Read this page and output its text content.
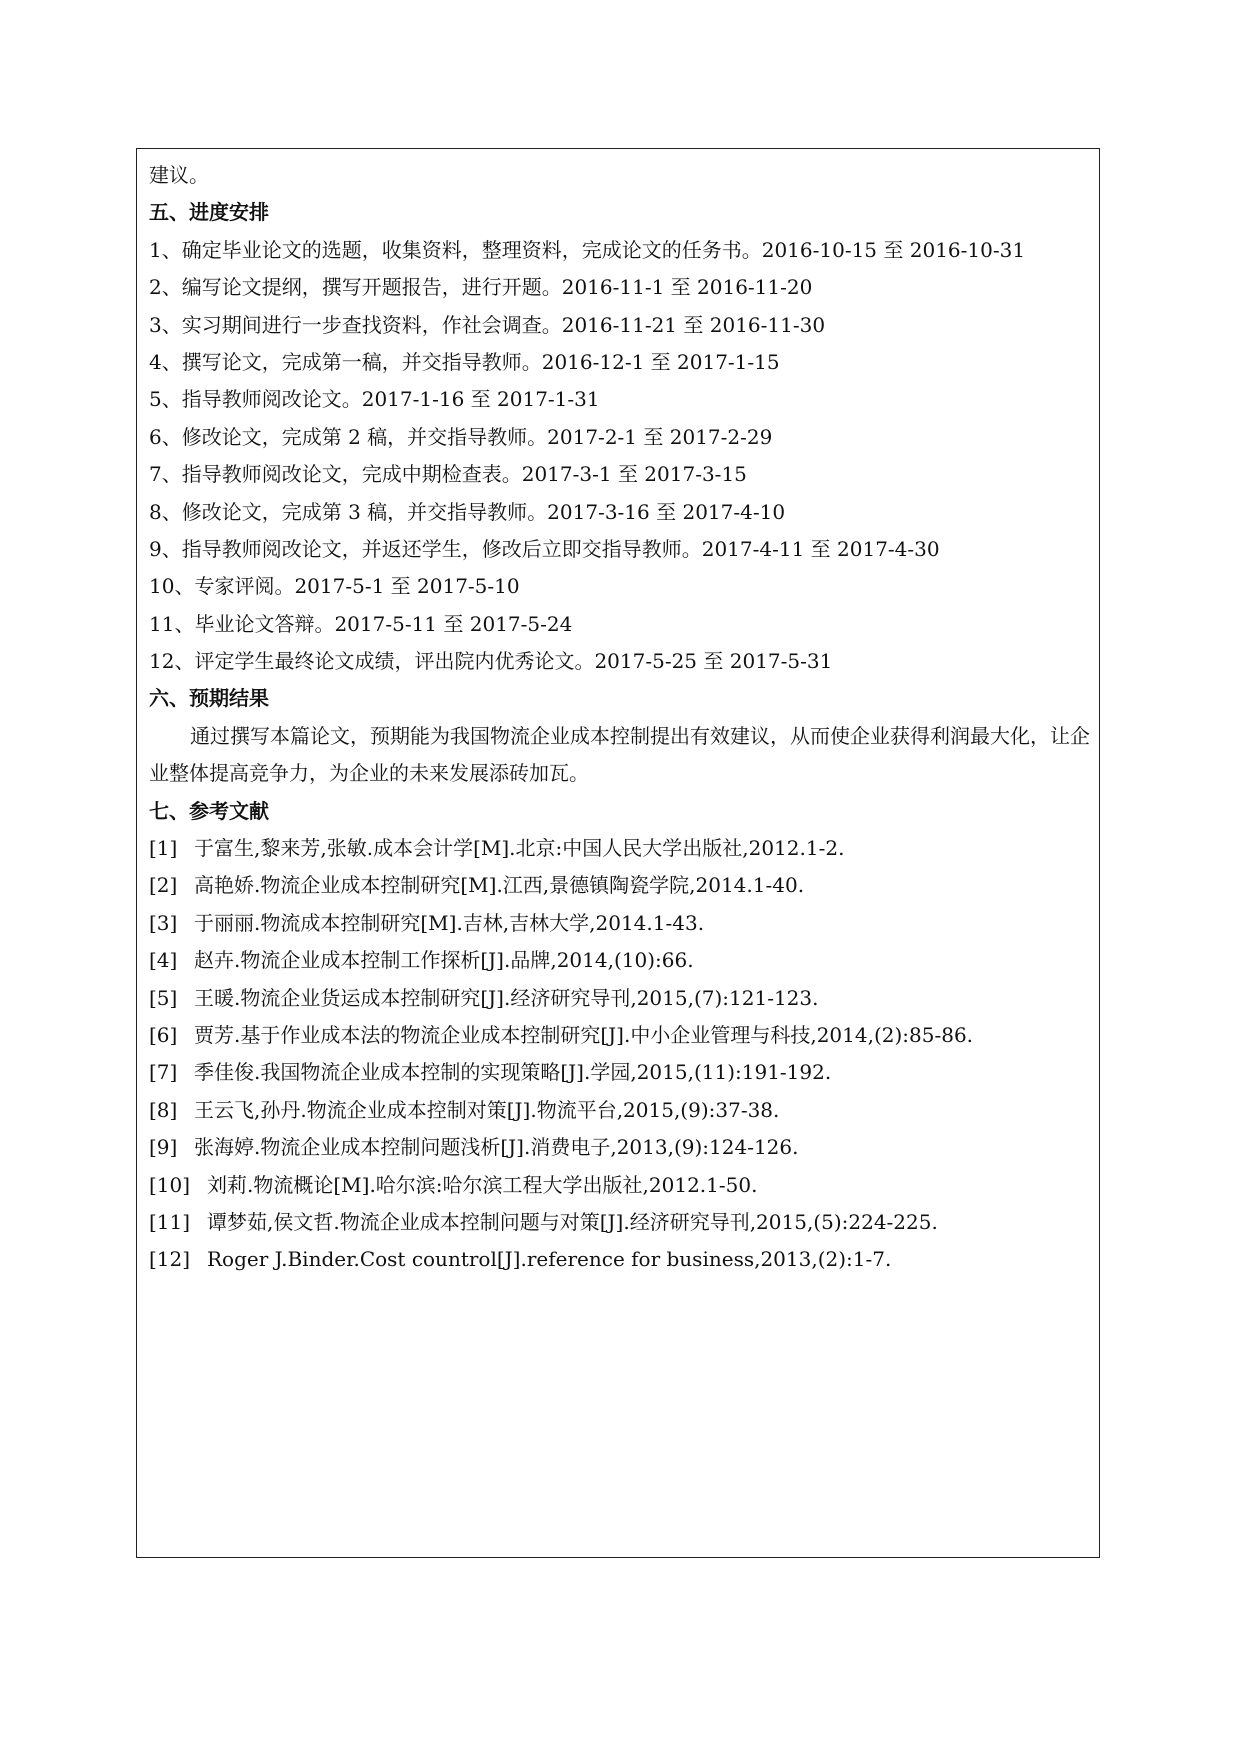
建议。
五、进度安排
1、确定毕业论文的选题，收集资料，整理资料，完成论文的任务书。2016-10-15 至 2016-10-31
2、编写论文提纲，撰写开题报告，进行开题。2016-11-1 至 2016-11-20
3、实习期间进行一步查找资料，作社会调查。2016-11-21 至 2016-11-30
4、撰写论文，完成第一稿，并交指导教师。2016-12-1 至 2017-1-15
5、指导教师阅改论文。2017-1-16 至 2017-1-31
6、修改论文，完成第 2 稿，并交指导教师。2017-2-1 至 2017-2-29
7、指导教师阅改论文，完成中期检查表。2017-3-1 至 2017-3-15
8、修改论文，完成第 3 稿，并交指导教师。2017-3-16 至 2017-4-10
9、指导教师阅改论文，并返还学生，修改后立即交指导教师。2017-4-11 至 2017-4-30
10、专家评阅。2017-5-1 至 2017-5-10
11、毕业论文答辩。2017-5-11 至 2017-5-24
12、评定学生最终论文成绩，评出院内优秀论文。2017-5-25 至 2017-5-31
六、预期结果

通过撰写本篇论文，预期能为我国物流企业成本控制提出有效建议，从而使企业获得利润最大化，让企业整体提高竞争力，为企业的未来发展添砖加瓦。

七、参考文献
[1] 于富生,黎来芳,张敏.成本会计学[M].北京:中国人民大学出版社,2012.1-2.
[2] 高艳娇.物流企业成本控制研究[M].江西,景德镇陶瓷学院,2014.1-40.
[3] 于丽丽.物流成本控制研究[M].吉林,吉林大学,2014.1-43.
[4] 赵卉.物流企业成本控制工作探析[J].品牌,2014,(10):66.
[5] 王暖.物流企业货运成本控制研究[J].经济研究导刊,2015,(7):121-123.
[6] 贾芳.基于作业成本法的物流企业成本控制研究[J].中小企业管理与科技,2014,(2):85-86.
[7] 季佳俊.我国物流企业成本控制的实现策略[J].学园,2015,(11):191-192.
[8] 王云飞,孙丹.物流企业成本控制对策[J].物流平台,2015,(9):37-38.
[9] 张海婷.物流企业成本控制问题浅析[J].消费电子,2013,(9):124-126.
[10] 刘莉.物流概论[M].哈尔滨:哈尔滨工程大学出版社,2012.1-50.
[11] 谭梦茹,侯文哲.物流企业成本控制问题与对策[J].经济研究导刊,2015,(5):224-225.
[12] Roger J.Binder.Cost countrol[J].reference for business,2013,(2):1-7.
